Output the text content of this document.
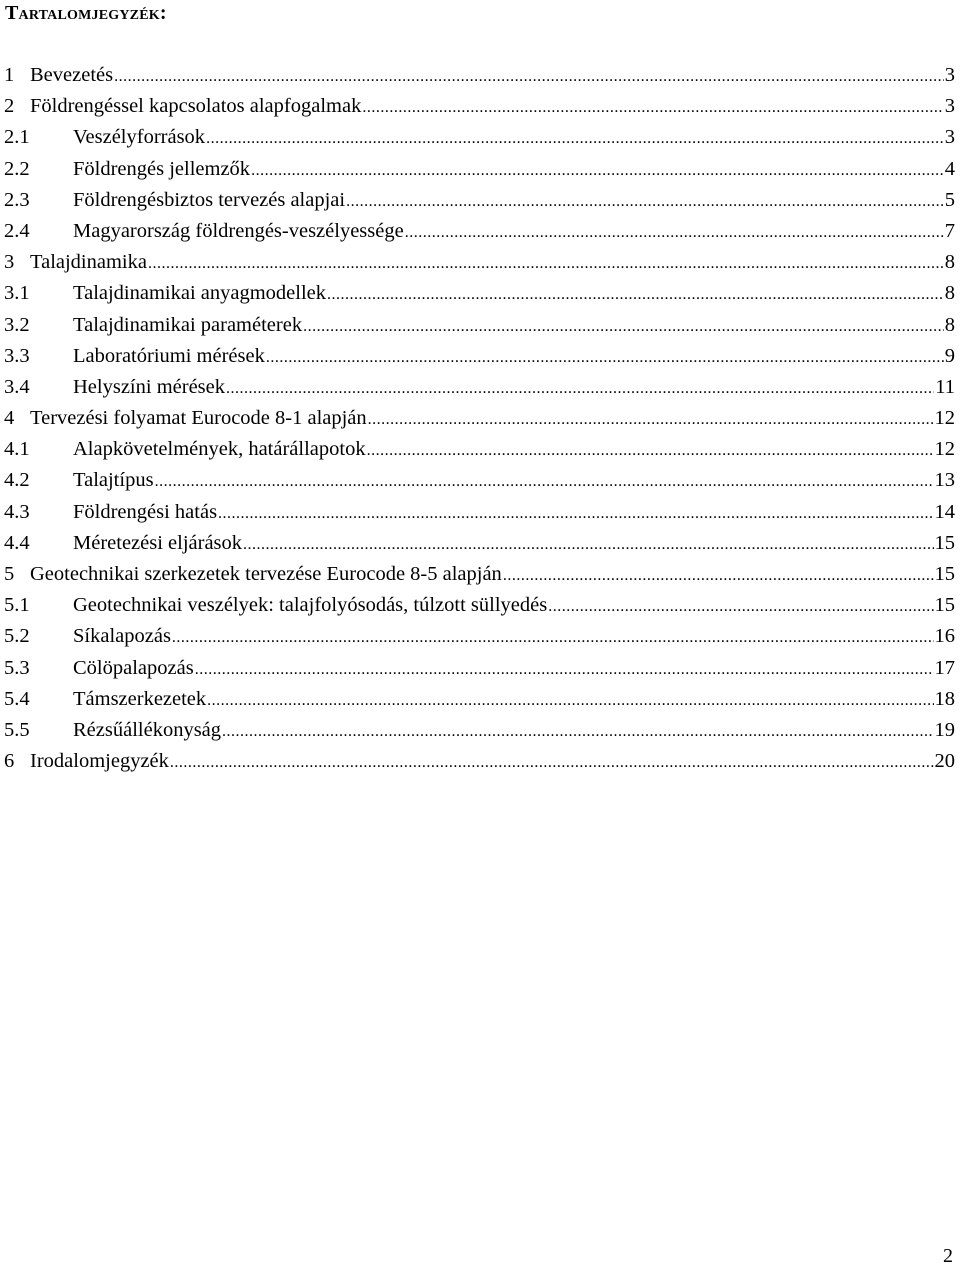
Tartalomjegyzék:
1 Bevezetés .....	3
2 Földrengéssel kapcsolatos alapfogalmak .....	3
2.1 Veszélyforrások .....	3
2.2 Földrengés jellemzők .....	4
2.3 Földrengésbiztos tervezés alapjai .....	5
2.4 Magyarország földrengés-veszélyessége .....	7
3 Talajdinamika .....	8
3.1 Talajdinamikai anyagmodellek .....	8
3.2 Talajdinamikai paraméterek .....	8
3.3 Laboratóriumi mérések .....	9
3.4 Helyszíni mérések .....	11
4 Tervezési folyamat Eurocode 8-1 alapján .....	12
4.1 Alapkövetelmények, határállapotok .....	12
4.2 Talajtípus .....	13
4.3 Földrengési hatás .....	14
4.4 Méretezési eljárások .....	15
5 Geotechnikai szerkezetek tervezése Eurocode 8-5 alapján .....	15
5.1 Geotechnikai veszélyek: talajfolyósodás, túlzott süllyedés .....	15
5.2 Síkalapozás .....	16
5.3 Cölöpalapozás .....	17
5.4 Támszerkezetek .....	18
5.5 Rézsűállékonyság .....	19
6 Irodalomjegyzék .....	20

2
